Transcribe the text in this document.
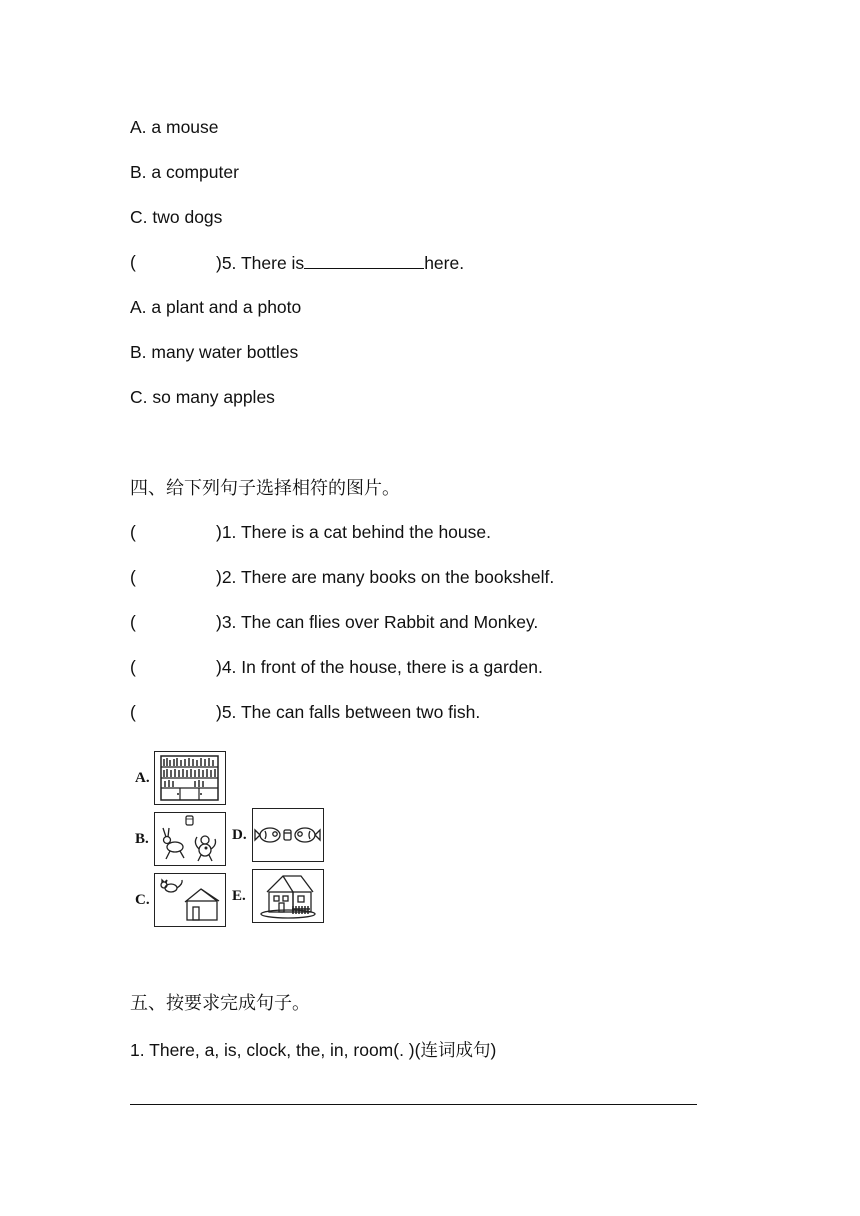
A. a mouse
B. a computer
C. two dogs
(	)5. There is	here.
A. a plant and a photo
B. many water bottles
C. so many apples
四、给下列句子选择相符的图片。
(	)1. There is a cat behind the house.
(	)2. There are many books on the bookshelf.
(	)3. The can flies over Rabbit and Monkey.
(	)4. In front of the house, there is a garden.
(	)5. The can falls between two fish.
A.
B.	D.
C.	E.
五、按要求完成句子。
1. There, a, is, clock, the, in, room(. )(连词成句)
